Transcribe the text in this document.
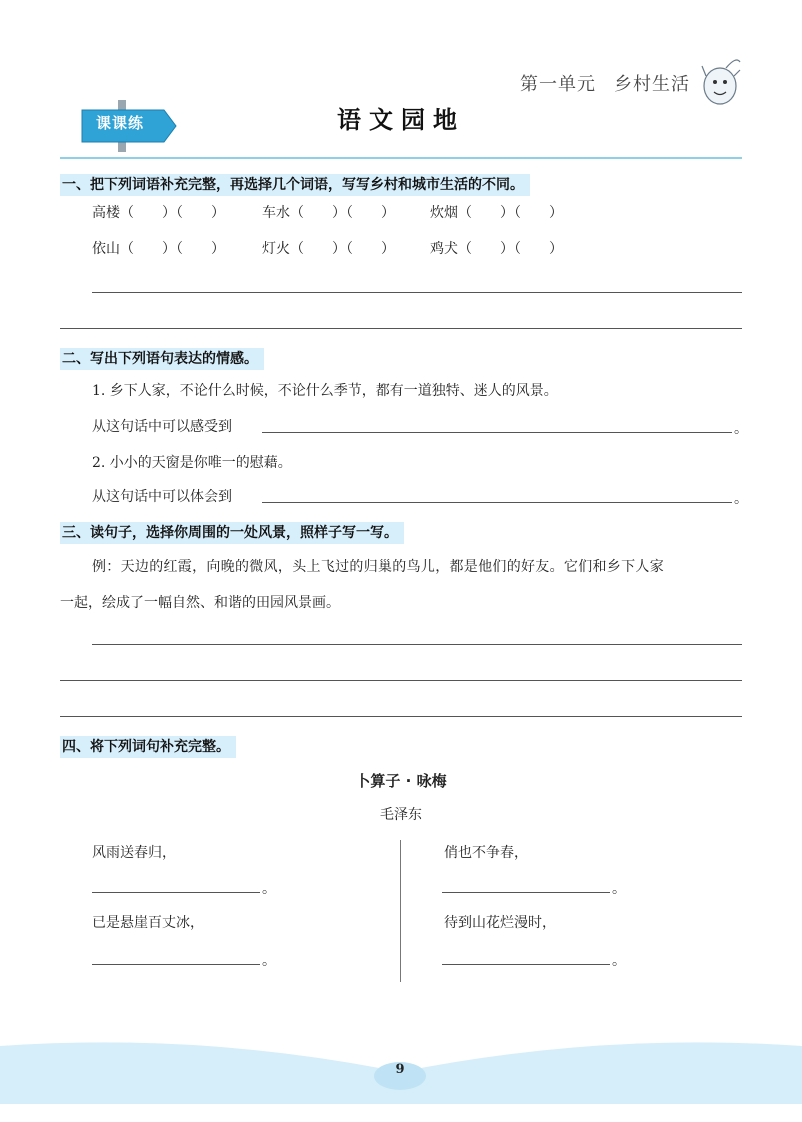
第一单元 乡村生活
课课练	语文园地
一、把下列词语补充完整，再选择几个词语，写写乡村和城市生活的不同。
高楼（　　）（　　）	车水（　　）（　　）	炊烟（　　）（　　）
依山（　　）（　　）	灯火（　　）（　　）	鸡犬（　　）（　　）
二、写出下列语句表达的情感。
1. 乡下人家，不论什么时候，不论什么季节，都有一道独特、迷人的风景。
从这句话中可以感受到	。
2. 小小的天窗是你唯一的慰藉。
从这句话中可以体会到	。
三、读句子，选择你周围的一处风景，照样子写一写。
例：天边的红霞，向晚的微风，头上飞过的归巢的鸟儿，都是他们的好友。它们和乡下人家
一起，绘成了一幅自然、和谐的田园风景画。
四、将下列词句补充完整。
卜算子 · 咏梅
毛泽东
风雨送春归，
。
已是悬崖百丈冰，
。
俏也不争春，
。
待到山花烂漫时，
。
9
